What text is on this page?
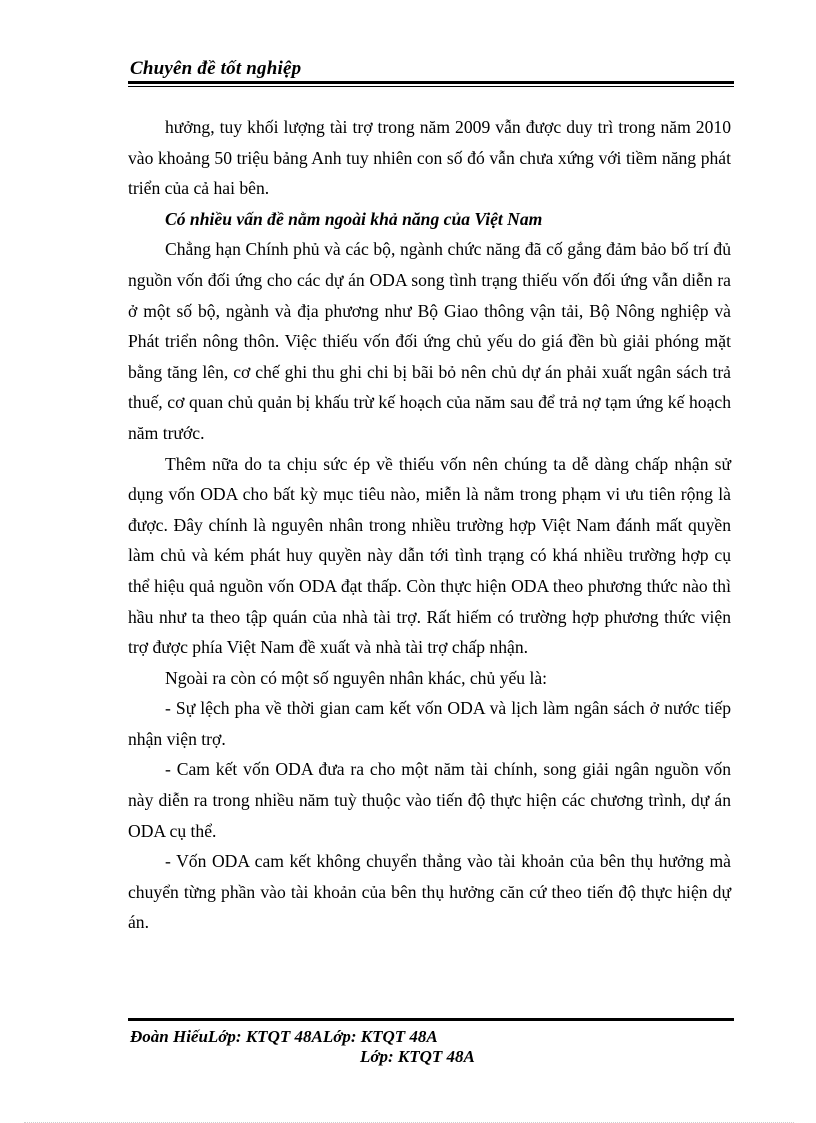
Chuyên đề tốt nghiệp

hưởng, tuy khối lượng tài trợ trong năm 2009 vẫn được duy trì trong năm 2010 vào khoảng 50 triệu bảng Anh tuy nhiên con số đó vẫn chưa xứng với tiềm năng phát triển của cả hai bên.

Có nhiều vấn đề nằm ngoài khả năng của Việt Nam

Chẳng hạn Chính phủ và các bộ, ngành chức năng đã cố gắng đảm bảo bố trí đủ nguồn vốn đối ứng cho các dự án ODA song tình trạng thiếu vốn đối ứng vẫn diễn ra ở một số bộ, ngành và địa phương như Bộ Giao thông vận tải, Bộ Nông nghiệp và Phát triển nông thôn. Việc thiếu vốn đối ứng chủ yếu do giá đền bù giải phóng mặt bằng tăng lên, cơ chế ghi thu ghi chi bị bãi bỏ nên chủ dự án phải xuất ngân sách trả thuế, cơ quan chủ quản bị khấu trừ kế hoạch của năm sau để trả nợ tạm ứng kế hoạch năm trước.

Thêm nữa do ta chịu sức ép về thiếu vốn nên chúng ta dễ dàng chấp nhận sử dụng vốn ODA cho bất kỳ mục tiêu nào, miễn là nằm trong phạm vi ưu tiên rộng là được. Đây chính là nguyên nhân trong nhiều trường hợp Việt Nam đánh mất quyền làm chủ và kém phát huy quyền này dẫn tới tình trạng có khá nhiều trường hợp cụ thể hiệu quả nguồn vốn ODA đạt thấp. Còn thực hiện ODA theo phương thức nào thì hầu như ta theo tập quán của nhà tài trợ. Rất hiếm có trường hợp phương thức viện trợ được phía Việt Nam đề xuất và nhà tài trợ chấp nhận.

Ngoài ra còn có một số nguyên nhân khác, chủ yếu là:

- Sự lệch pha về thời gian cam kết vốn ODA và lịch làm ngân sách ở nước tiếp nhận viện trợ.

- Cam kết vốn ODA đưa ra cho một năm tài chính, song giải ngân nguồn vốn này diễn ra trong nhiều năm tuỳ thuộc vào tiến độ thực hiện các chương trình, dự án ODA cụ thể.

- Vốn ODA cam kết không chuyển thẳng vào tài khoản của bên thụ hưởng mà chuyển từng phần vào tài khoản của bên thụ hưởng căn cứ theo tiến độ thực hiện dự án.

Đoàn HiếuLớp: KTQT 48ALớp: KTQT 48A
Lớp: KTQT 48A
